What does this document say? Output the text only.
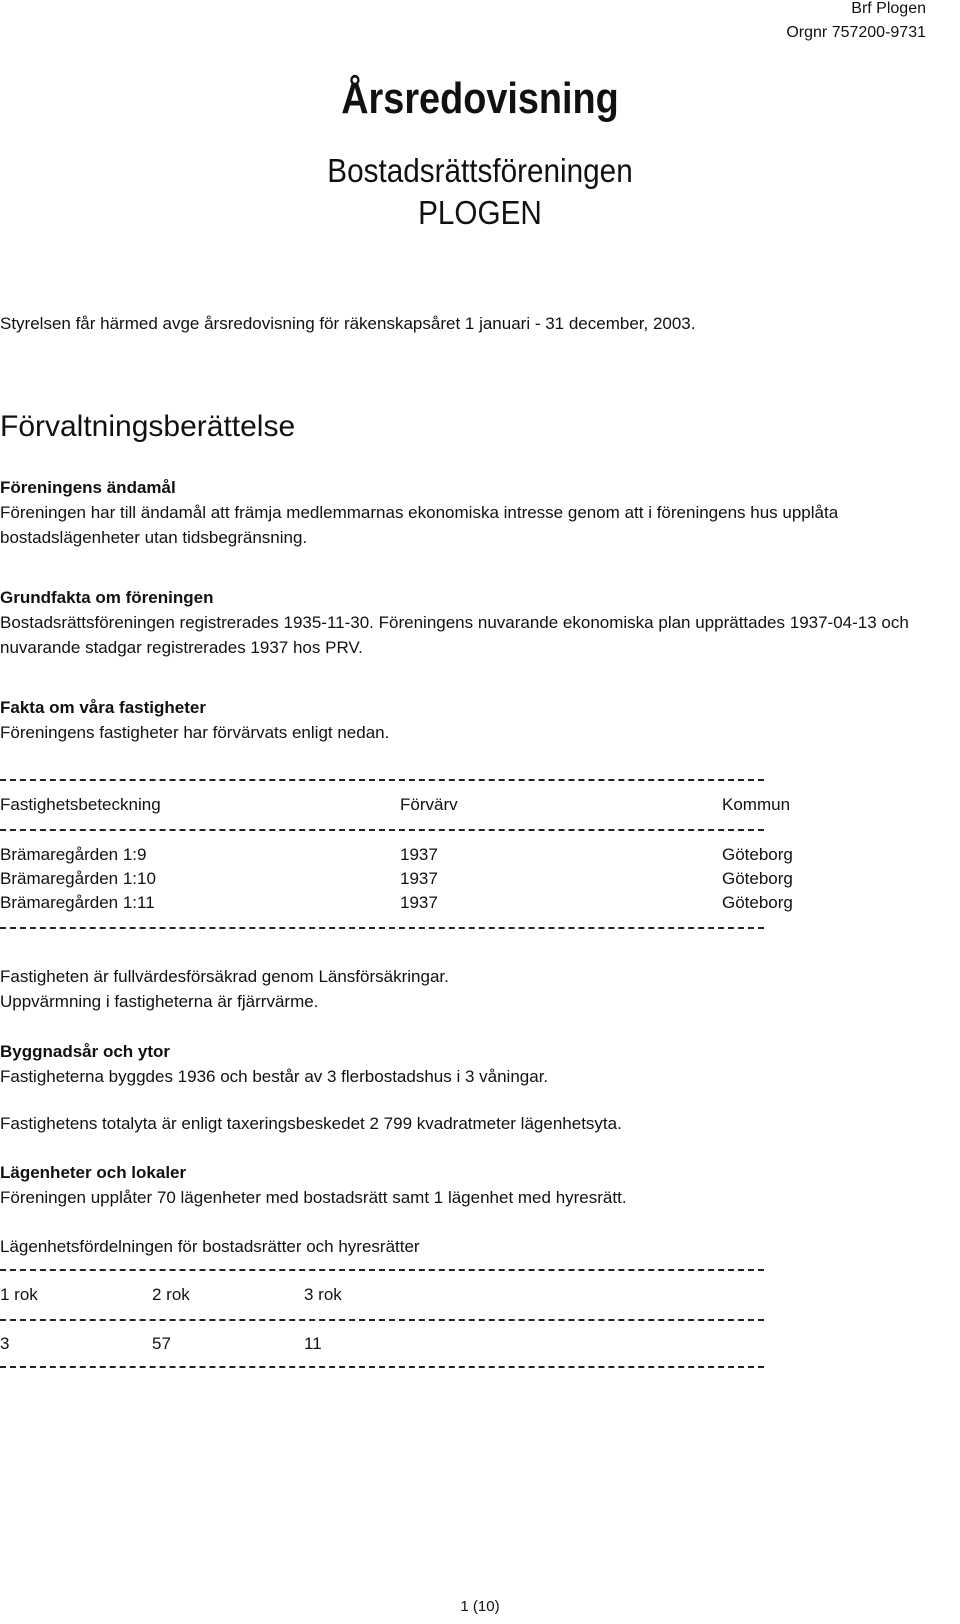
Brf Plogen
Orgnr 757200-9731
Årsredovisning
Bostadsrättsföreningen
PLOGEN
Styrelsen får härmed avge årsredovisning för räkenskapsåret 1 januari - 31 december, 2003.
Förvaltningsberättelse
Föreningens ändamål
Föreningen har till ändamål att främja medlemmarnas ekonomiska intresse genom att i föreningens hus upplåta
bostadslägenheter utan tidsbegränsning.
Grundfakta om föreningen
Bostadsrättsföreningen registrerades 1935-11-30. Föreningens nuvarande ekonomiska plan upprättades 1937-04-13 och
nuvarande stadgar registrerades 1937 hos PRV.
Fakta om våra fastigheter
Föreningens fastigheter har förvärvats enligt nedan.
Fastighetsbeteckning	Förvärv	Kommun
Brämaregården 1:9	1937	Göteborg
Brämaregården 1:10	1937	Göteborg
Brämaregården 1:11	1937	Göteborg
Fastigheten är fullvärdesförsäkrad genom Länsförsäkringar.
Uppvärmning i fastigheterna är fjärrvärme.
Byggnadsår och ytor
Fastigheterna byggdes 1936 och består av 3 flerbostadshus i 3 våningar.
Fastighetens totalyta är enligt taxeringsbeskedet 2 799 kvadratmeter lägenhetsyta.
Lägenheter och lokaler
Föreningen upplåter 70 lägenheter med bostadsrätt samt 1 lägenhet med hyresrätt.
Lägenhetsfördelningen för bostadsrätter och hyresrätter
1 rok	2 rok	3 rok
3	57	11
1 (10)
